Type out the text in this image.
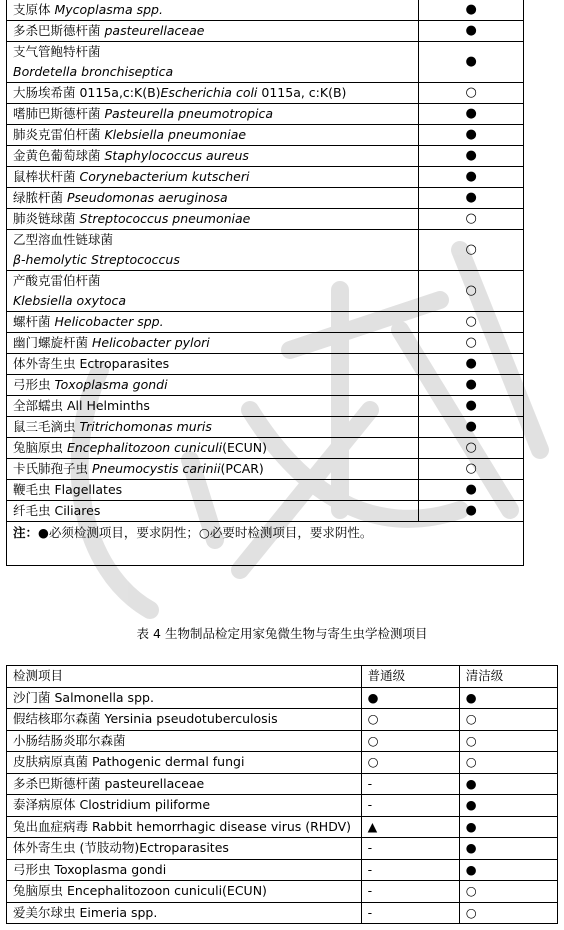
支原体 Mycoplasma spp.	●
多杀巴斯德杆菌 pasteurellaceae	●
支气管鲍特杆菌
Bordetella bronchiseptica	●
大肠埃希菌 0115a,c:K(B)Escherichia coli 0115a, c:K(B)	○
嗜肺巴斯德杆菌 Pasteurella pneumotropica	●
肺炎克雷伯杆菌 Klebsiella pneumoniae	●
金黄色葡萄球菌 Staphylococcus aureus	●
鼠棒状杆菌 Corynebacterium kutscheri	●
绿脓杆菌 Pseudomonas aeruginosa	●
肺炎链球菌 Streptococcus pneumoniae	○
乙型溶血性链球菌
β-hemolytic Streptococcus	○
产酸克雷伯杆菌
Klebsiella oxytoca	○
螺杆菌 Helicobacter spp.	○
幽门螺旋杆菌 Helicobacter pylori	○
体外寄生虫 Ectroparasites	●
弓形虫 Toxoplasma gondi	●
全部蠕虫 All Helminths	●
鼠三毛滴虫 Tritrichomonas muris	●
兔脑原虫 Encephalitozoon cuniculi(ECUN)	○
卡氏肺孢子虫 Pneumocystis carinii(PCAR)	○
鞭毛虫 Flagellates	●
纤毛虫 Ciliares	●
注：●必须检测项目，要求阴性；○必要时检测项目，要求阴性。	
表 4 生物制品检定用家兔微生物与寄生虫学检测项目
检测项目	普通级	清洁级
沙门菌 Salmonella spp.	●	●
假结核耶尔森菌 Yersinia pseudotuberculosis	○	○
小肠结肠炎耶尔森菌	○	○
皮肤病原真菌 Pathogenic dermal fungi	○	○
多杀巴斯德杆菌 pasteurellaceae	-	●
泰泽病原体 Clostridium piliforme	-	●
兔出血症病毒 Rabbit hemorrhagic disease virus (RHDV)	▲	●
体外寄生虫 (节肢动物)Ectroparasites	-	●
弓形虫 Toxoplasma gondi	-	●
兔脑原虫 Encephalitozoon cuniculi(ECUN)	-	○
爱美尔球虫 Eimeria spp.	-	○
